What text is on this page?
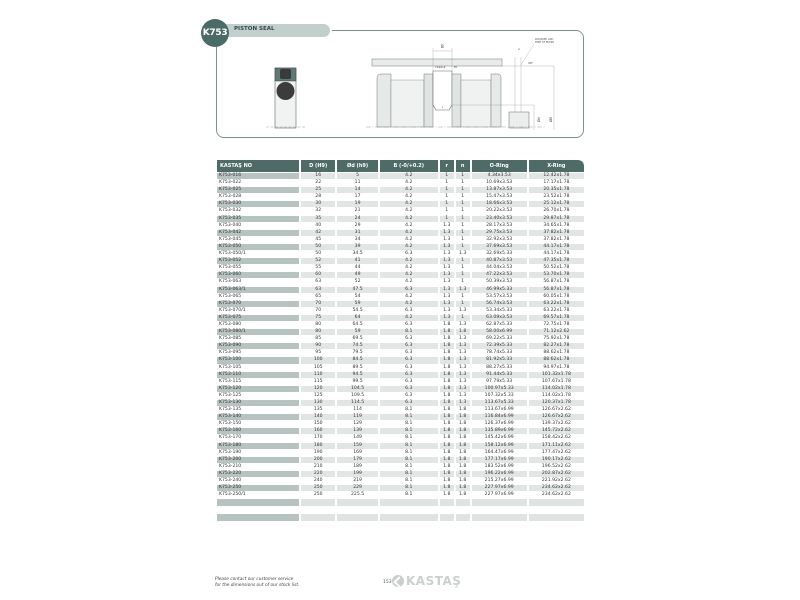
K753 PISTON SEAL
B
r1≤0.2	M
r
n
30°
ROUNDED AND
FREE OF BURRS
Ød	ØD
KASTAŞ NO	D (H9)	Ød (h9)	B (-0/+0.2)	r	n	O-Ring	X-Ring
K753-016	16	5	4.2	1	1	4.34x3.53	12.42x1.78
K753-022	22	11	4.2	1	1	10.69x3.53	17.17x1.78
K753-025	25	14	4.2	1	1	13.87x3.53	20.35x1.78
K753-028	28	17	4.2	1	1	15.47x3.53	23.52x1.78
K753-030	30	19	4.2	1	1	18.66x3.53	25.12x1.78
K753-032	32	21	4.2	1	1	20.22x3.53	26.70x1.78
K753-035	35	24	4.2	1	1	23.40x3.53	29.87x1.78
K753-040	40	29	4.2	1.3	1	28.17x3.53	34.65x1.78
K753-042	42	31	4.2	1.3	1	29.75x3.53	37.82x1.78
K753-045	45	34	4.2	1.3	1	32.92x3.53	37.82x1.78
K753-050	50	39	4.2	1.3	1	37.69x3.53	44.17x1.78
K753-050/1	50	34.5	6.3	1.3	1.3	32.69x5.33	44.17x1.78
K753-052	52	41	4.2	1.3	1	40.87x3.53	47.35x1.78
K753-055	55	44	4.2	1.3	1	44.04x3.53	50.52x1.78
K753-060	60	49	4.2	1.3	1	47.22x3.53	53.70x1.78
K753-063	63	52	4.2	1.3	1	50.39x3.53	56.87x1.78
K753-063/1	63	47.5	6.3	1.3	1.3	46.99x5.33	56.87x1.78
K753-065	65	54	4.2	1.3	1	53.57x3.53	60.05x1.78
K753-070	70	59	4.2	1.3	1	56.74x3.53	63.22x1.78
K753-070/1	70	54.5	6.3	1.3	1.3	53.34x5.33	63.22x1.78
K753-075	75	64	4.2	1.3	1	63.09x3.53	69.57x1.78
K753-080	80	64.5	6.3	1.8	1.3	62.87x5.33	72.75x1.78
K753-080/1	80	59	8.1	1.8	1.8	58.00x6.99	71.12x2.62
K753-085	85	69.5	6.3	1.8	1.3	69.22x5.33	75.92x1.78
K753-090	90	74.5	6.3	1.8	1.3	72.39x5.33	82.27x1.78
K753-095	95	79.5	6.3	1.8	1.3	78.74x5.33	88.62x1.78
K753-100	100	84.5	6.3	1.8	1.3	81.92x5.33	88.62x1.78
K753-105	105	89.5	6.3	1.8	1.3	88.27x5.33	94.97x1.78
K753-110	110	94.5	6.3	1.8	1.3	91.44x5.33	101.32x1.78
K753-115	115	99.5	6.3	1.8	1.3	97.79x5.33	107.67x1.78
K753-120	120	104.5	6.3	1.8	1.3	100.97x5.33	114.02x1.78
K753-125	125	109.5	6.3	1.8	1.3	107.32x5.33	114.02x1.78
K753-130	130	114.5	6.3	1.8	1.3	113.67x5.33	120.37x1.78
K753-135	135	114	8.1	1.8	1.8	113.67x6.99	126.67x2.62
K753-140	140	119	8.1	1.8	1.8	116.84x6.99	126.67x2.62
K753-150	150	129	8.1	1.8	1.8	126.37x6.99	139.37x2.62
K753-160	160	139	8.1	1.8	1.8	135.89x6.99	145.72x2.62
K753-170	170	149	8.1	1.8	1.8	145.42x6.99	158.42x2.62
K753-180	180	159	8.1	1.8	1.8	158.12x6.99	171.11x2.62
K753-190	190	169	8.1	1.8	1.8	164.47x6.99	177.47x2.62
K753-200	200	179	8.1	1.8	1.8	177.17x6.99	190.17x2.62
K753-210	210	189	8.1	1.8	1.8	183.52x6.99	196.52x2.62
K753-220	220	199	8.1	1.8	1.8	196.22x6.99	202.87x2.62
K753-240	240	219	8.1	1.8	1.8	215.27x6.99	221.92x2.62
K753-250	250	229	8.1	1.8	1.8	227.97x6.99	234.62x2.62
K753-250/1	250	225.5	8.1	1.8	1.8	227.97x6.99	234.62x2.62

Please contact our customer service
for the dimensions out of our stock list.
153 KASTAŞ
